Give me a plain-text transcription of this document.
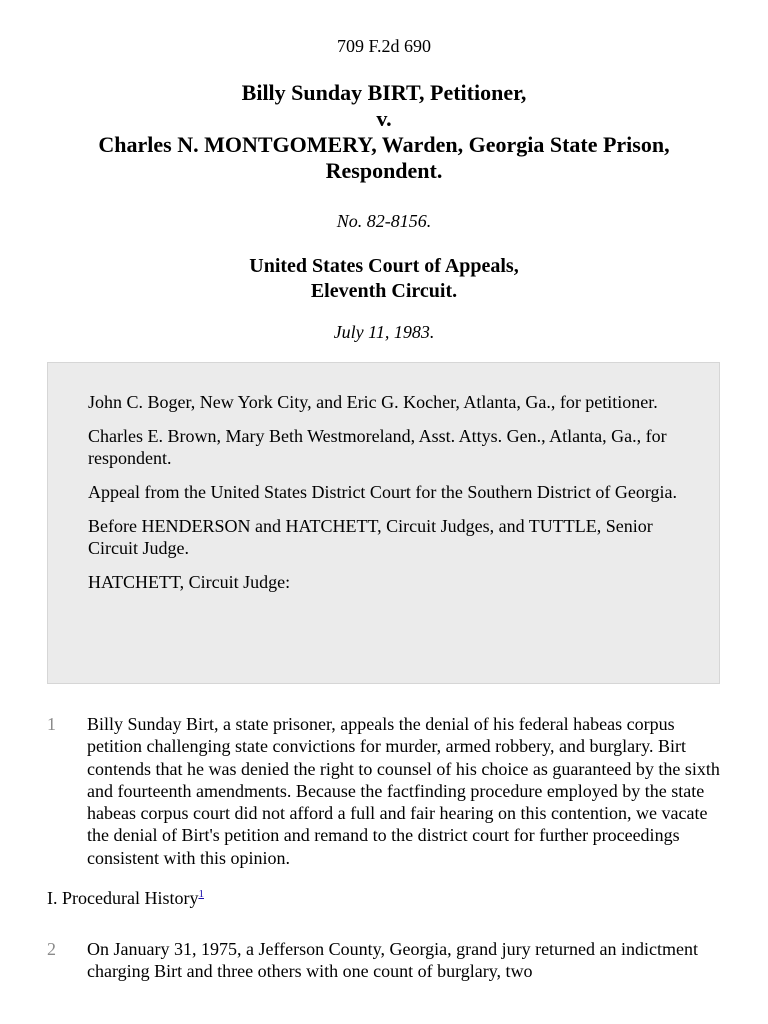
709 F.2d 690
Billy Sunday BIRT, Petitioner,
v.
Charles N. MONTGOMERY, Warden, Georgia State Prison,
Respondent.
No. 82-8156.
United States Court of Appeals,
Eleventh Circuit.
July 11, 1983.

John C. Boger, New York City, and Eric G. Kocher, Atlanta, Ga., for petitioner.

Charles E. Brown, Mary Beth Westmoreland, Asst. Attys. Gen., Atlanta, Ga., for respondent.

Appeal from the United States District Court for the Southern District of Georgia.

Before HENDERSON and HATCHETT, Circuit Judges, and TUTTLE, Senior Circuit Judge.

HATCHETT, Circuit Judge:

1	Billy Sunday Birt, a state prisoner, appeals the denial of his federal habeas corpus petition challenging state convictions for murder, armed robbery, and burglary. Birt contends that he was denied the right to counsel of his choice as guaranteed by the sixth and fourteenth amendments. Because the factfinding procedure employed by the state habeas corpus court did not afford a full and fair hearing on this contention, we vacate the denial of Birt's petition and remand to the district court for further proceedings consistent with this opinion.
I. Procedural History$^1$
2	On January 31, 1975, a Jefferson County, Georgia, grand jury returned an indictment charging Birt and three others with one count of burglary, two
